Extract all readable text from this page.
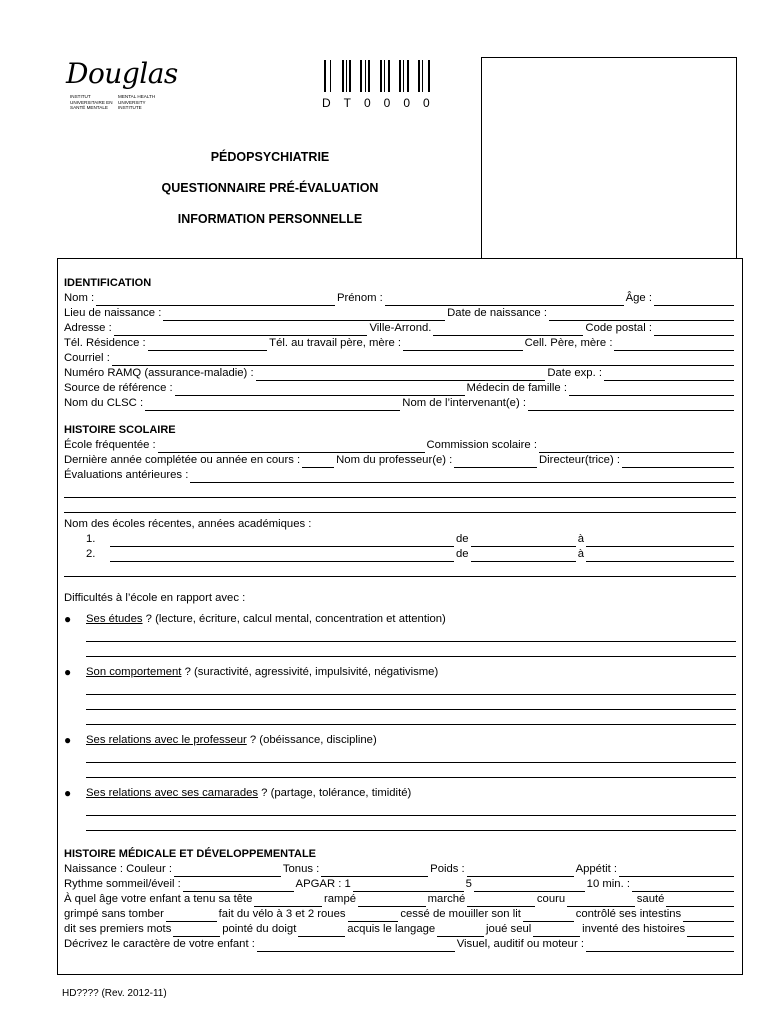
Douglas
INSTITUT
UNIVERSITAIRE EN
SANTÉ MENTALE
MENTAL HEALTH
UNIVERSITY
INSTITUTE	DT0000
PÉDOPSYCHIATRIE
QUESTIONNAIRE PRÉ-ÉVALUATION
INFORMATION PERSONNELLE
IDENTIFICATION
Nom :	Prénom :	Âge :
Lieu de naissance :	Date de naissance :
Adresse :	Ville-Arrond.	Code postal :
Tél. Résidence :	Tél. au travail père, mère :	Cell. Père, mère :
Courriel :
Numéro RAMQ (assurance-maladie) :	Date exp. :
Source de référence :	Médecin de famille :
Nom du CLSC :	Nom de l’intervenant(e) :
HISTOIRE SCOLAIRE
École fréquentée :	Commission scolaire :
Dernière année complétée ou année en cours :	Nom du professeur(e) :	Directeur(trice) :
Évaluations antérieures :
Nom des écoles récentes, années académiques :
1.	de	à
2.	de	à
Difficultés à l’école en rapport avec :
●	Ses études ? (lecture, écriture, calcul mental, concentration et attention)
●	Son comportement ? (suractivité, agressivité, impulsivité, négativisme)
●	Ses relations avec le professeur ? (obéissance, discipline)
●	Ses relations avec ses camarades ? (partage, tolérance, timidité)
HISTOIRE MÉDICALE ET DÉVELOPPEMENTALE
Naissance : Couleur :	Tonus :	Poids :	Appétit :
Rythme sommeil/éveil :	APGAR : 1	5	10 min. :
À quel âge votre enfant a tenu sa tête	rampé	marché	couru	sauté
grimpé sans tomber	fait du vélo à 3 et 2 roues	cessé de mouiller son lit	contrôlé ses intestins
dit ses premiers mots	pointé du doigt	acquis le langage	joué seul	inventé des histoires
Décrivez le caractère de votre enfant :	Visuel, auditif ou moteur :
HD???? (Rev. 2012-11)
